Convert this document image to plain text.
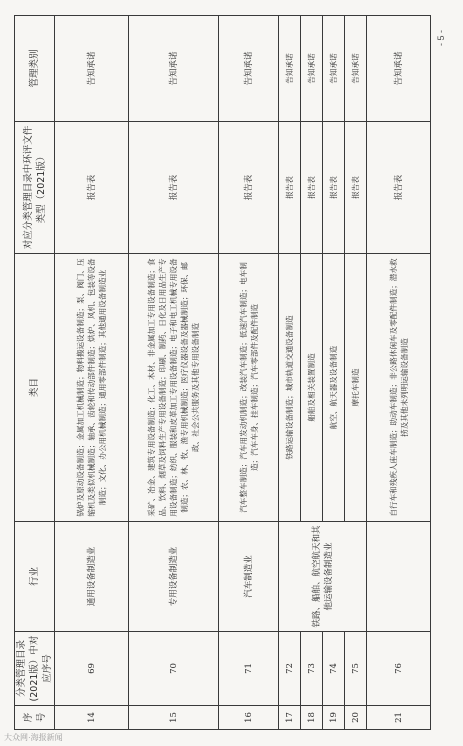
序号	分类管理目录(2021版）中对应序号	行业	类目	对应分类管理目录中环评文件类型（2021版）	管理类别
14	69	通用设备制造业	锅炉及原动设备制造；金属加工机械制造；物料搬运设备制造；泵、阀门、压缩机及类似机械制造；轴承、齿轮和传动部件制造；烘炉、风机、包装等设备制造；文化、办公用机械制造；通用零部件制造；其他通用设备制造业	报告表	告知承诺
15	70	专用设备制造业	采矿、冶金、建筑专用设备制造；化工、木材、非金属加工专用设备制造；食品、饮料、烟草及饲料生产专用设备制造；印刷、制药、日化及日用品生产专用设备制造；纺织、服装和皮革加工专用设备制造；电子和电工机械专用设备制造；农、林、牧、渔专用机械制造；医疗仪器设备及器械制造；环保、邮政、社会公共服务及其他专用设备制造	报告表	告知承诺
16	71	汽车制造业	汽车整车制造；汽车用发动机制造；改装汽车制造；低速汽车制造；电车制造；汽车车身、挂车制造；汽车零部件及配件制造	报告表	告知承诺
17	72	铁路、船舶、航空航天和其他运输设备制造业	铁路运输设备制造；城市轨道交通设备制造	报告表	告知承诺
18	73		船舶及相关装置制造	报告表	告知承诺
19	74		航空、航天器及设备制造	报告表	告知承诺
20	75		摩托车制造	报告表	告知承诺
21	76		自行车和残疾人座车制造；助动车制造；非公路休闲车及零配件制造；潜水救捞及其他未列明运输设备制造	报告表	告知承诺
- 5 -
大众网·海报新闻
